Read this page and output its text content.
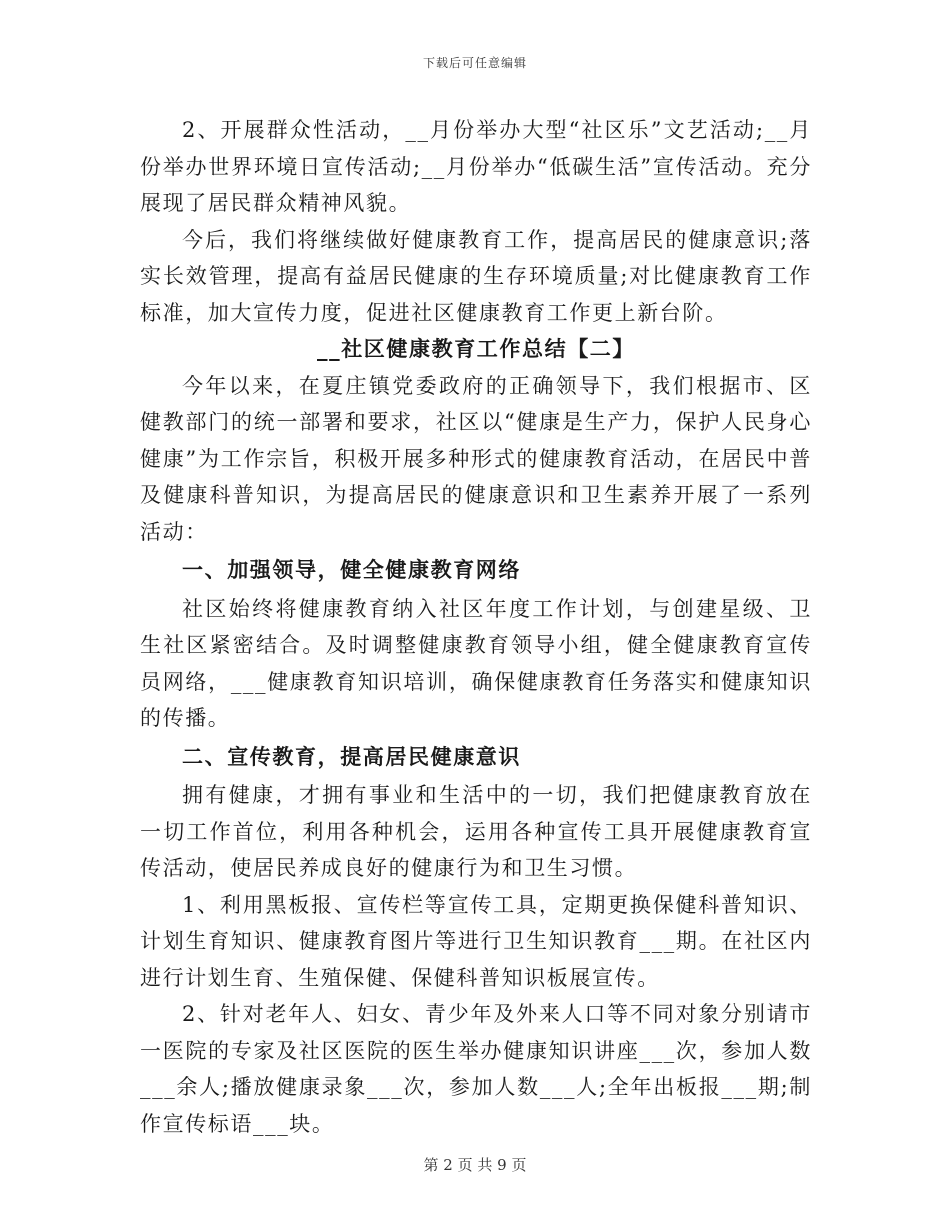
下载后可任意编辑

2、开展群众性活动，__月份举办大型“社区乐”文艺活动;__月份举办世界环境日宣传活动;__月份举办“低碳生活”宣传活动。充分展现了居民群众精神风貌。

今后，我们将继续做好健康教育工作，提高居民的健康意识;落实长效管理，提高有益居民健康的生存环境质量;对比健康教育工作标准，加大宣传力度，促进社区健康教育工作更上新台阶。

__社区健康教育工作总结【二】

今年以来，在夏庄镇党委政府的正确领导下，我们根据市、区健教部门的统一部署和要求，社区以“健康是生产力，保护人民身心健康”为工作宗旨，积极开展多种形式的健康教育活动，在居民中普及健康科普知识，为提高居民的健康意识和卫生素养开展了一系列活动：

一、加强领导，健全健康教育网络

社区始终将健康教育纳入社区年度工作计划，与创建星级、卫生社区紧密结合。及时调整健康教育领导小组，健全健康教育宣传员网络，___健康教育知识培训，确保健康教育任务落实和健康知识的传播。

二、宣传教育，提高居民健康意识

拥有健康，才拥有事业和生活中的一切，我们把健康教育放在一切工作首位，利用各种机会，运用各种宣传工具开展健康教育宣传活动，使居民养成良好的健康行为和卫生习惯。

1、利用黑板报、宣传栏等宣传工具，定期更换保健科普知识、计划生育知识、健康教育图片等进行卫生知识教育___期。在社区内进行计划生育、生殖保健、保健科普知识板展宣传。

2、针对老年人、妇女、青少年及外来人口等不同对象分别请市一医院的专家及社区医院的医生举办健康知识讲座___次，参加人数___余人;播放健康录象___次，参加人数___人;全年出板报___期;制作宣传标语___块。

第 2 页 共 9 页
